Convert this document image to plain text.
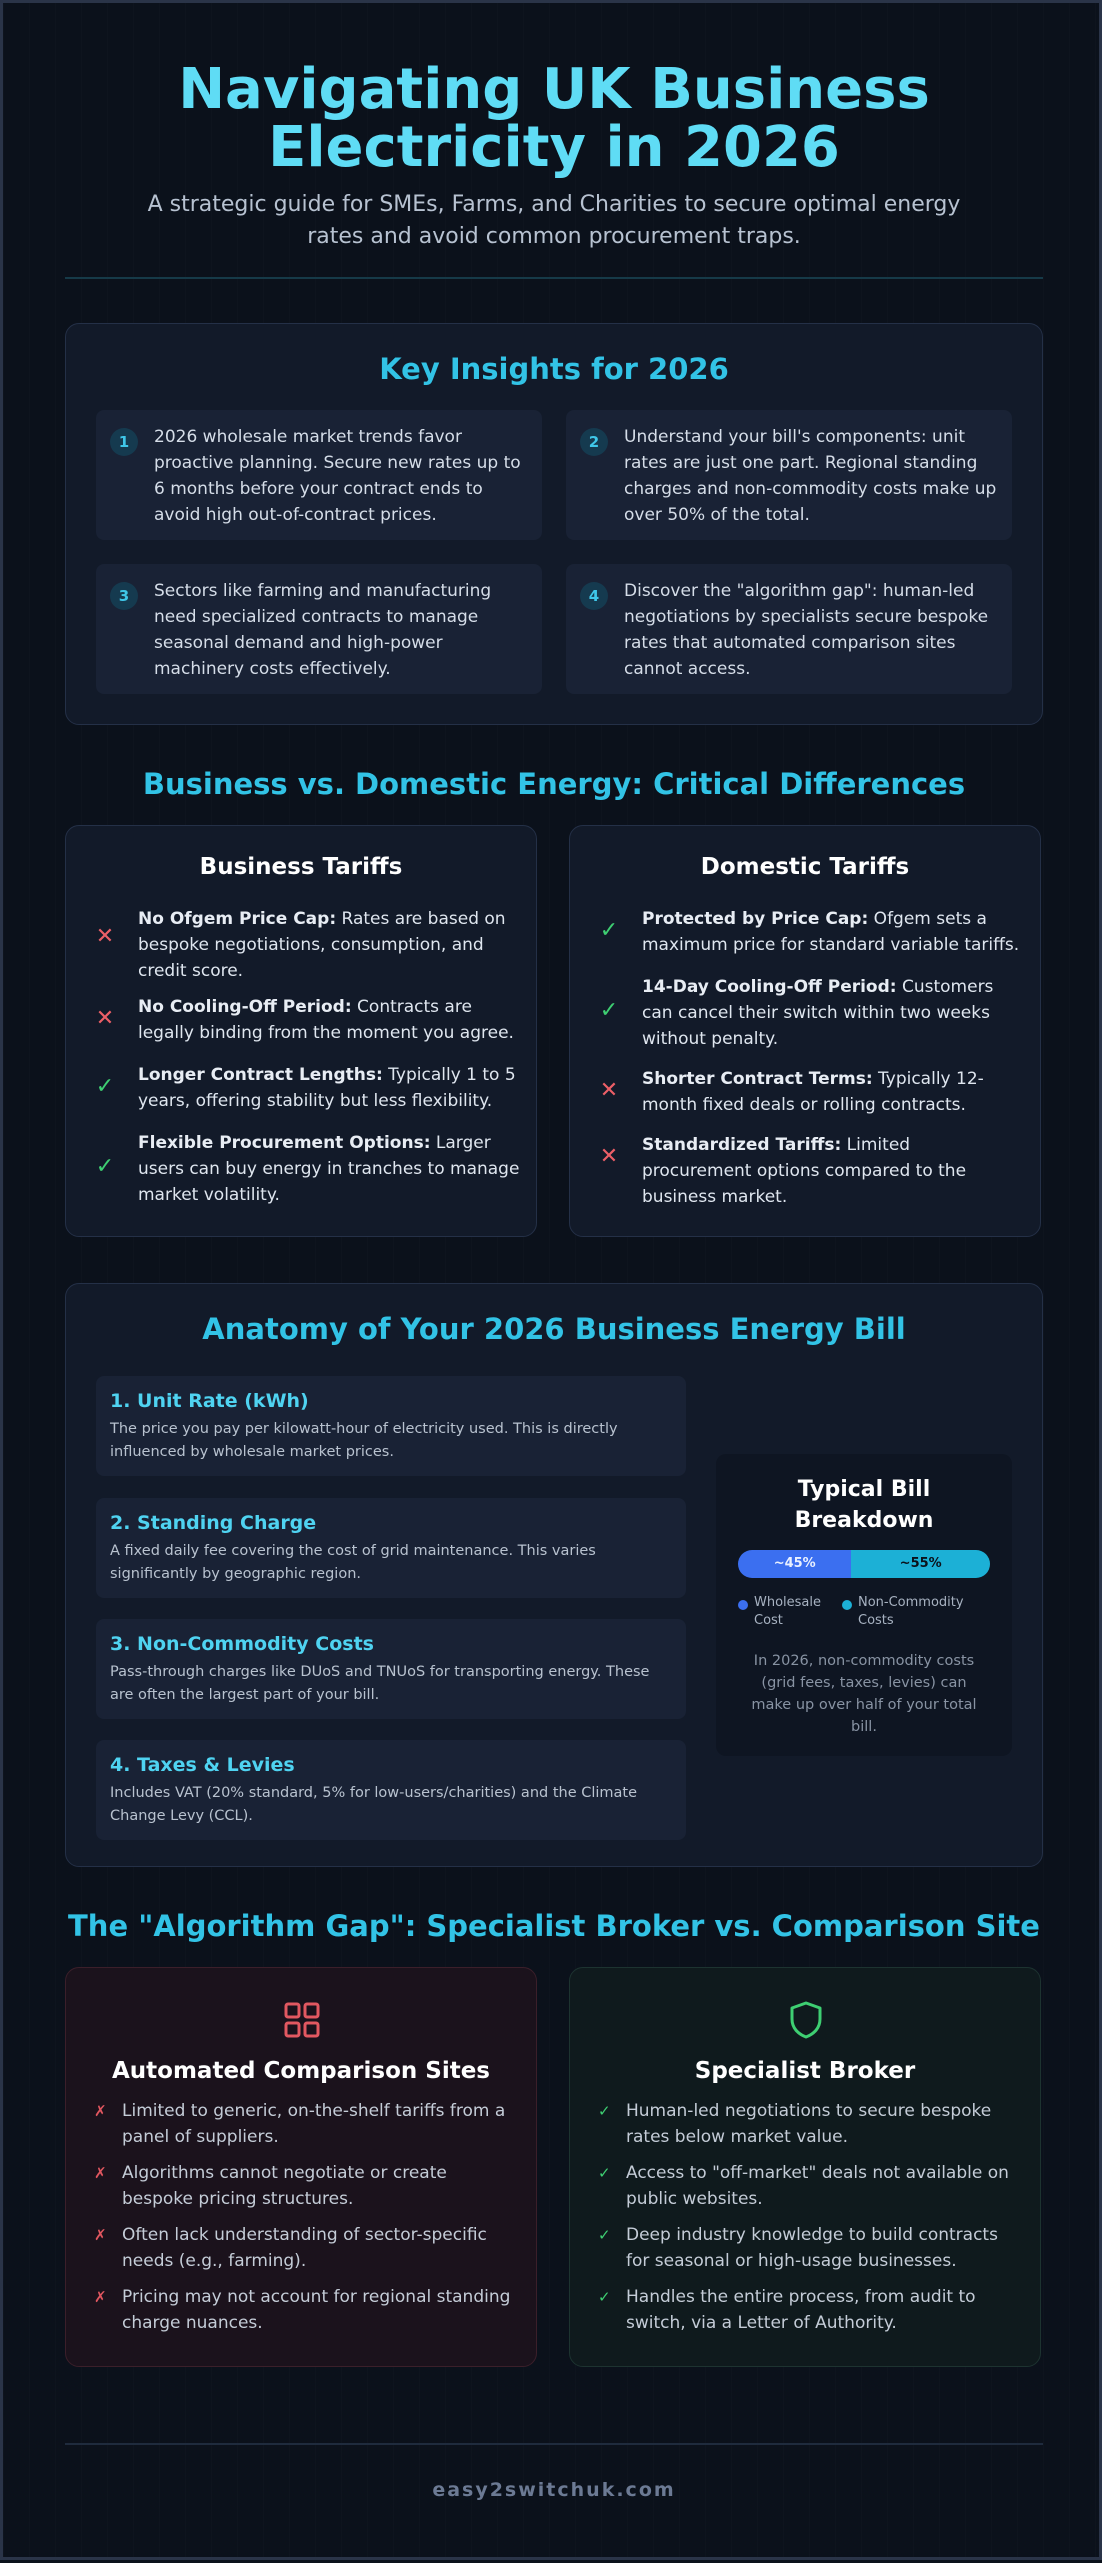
Navigating UK Business
Electricity in 2026
A strategic guide for SMEs, Farms, and Charities to secure optimal energy rates and avoid common procurement traps.
Key Insights for 2026
1	2026 wholesale market trends favor proactive planning. Secure new rates up to 6 months before your contract ends to avoid high out-of-contract prices.
2	Understand your bill's components: unit rates are just one part. Regional standing charges and non-commodity costs make up over 50% of the total.
3	Sectors like farming and manufacturing need specialized contracts to manage seasonal demand and high-power machinery costs effectively.
4	Discover the "algorithm gap": human-led negotiations by specialists secure bespoke rates that automated comparison sites cannot access.
Business vs. Domestic Energy: Critical Differences
Business Tariffs
✕
No Ofgem Price Cap: Rates are based on bespoke negotiations, consumption, and credit score.
✕ No Cooling-Off Period: Contracts are legally binding from the moment you agree.
✓ Longer Contract Lengths: Typically 1 to 5 years, offering stability but less flexibility.
✓
Flexible Procurement Options: Larger users can buy energy in tranches to manage market volatility.
Domestic Tariffs
✓ Protected by Price Cap: Ofgem sets a maximum price for standard variable tariffs.
✓
14-Day Cooling-Off Period: Customers can cancel their switch within two weeks without penalty.
✕ Shorter Contract Terms: Typically 12-month fixed deals or rolling contracts.
✕ Standardized Tariffs: Limited procurement options compared to the business market.
Anatomy of Your 2026 Business Energy Bill
1. Unit Rate (kWh)
The price you pay per kilowatt-hour of electricity used. This is directly influenced by wholesale market prices.
2. Standing Charge
A fixed daily fee covering the cost of grid maintenance. This varies significantly by geographic region.
3. Non-Commodity Costs
Pass-through charges like DUoS and TNUoS for transporting energy. These are often the largest part of your bill.
4. Taxes & Levies
Includes VAT (20% standard, 5% for low-users/charities) and the Climate Change Levy (CCL).
Typical Bill
Breakdown
~45%	~55%
Wholesale Cost
Non-Commodity Costs
In 2026, non-commodity costs (grid fees, taxes, levies) can make up over half of your total bill.
The "Algorithm Gap": Specialist Broker vs. Comparison Site
Automated Comparison Sites
✗ Limited to generic, on-the-shelf tariffs from a panel of suppliers.
✗ Algorithms cannot negotiate or create bespoke pricing structures.
✗ Often lack understanding of sector-specific needs (e.g., farming).
✗ Pricing may not account for regional standing charge nuances.
Specialist Broker
✓ Human-led negotiations to secure bespoke rates below market value.
✓ Access to "off-market" deals not available on public websites.
✓ Deep industry knowledge to build contracts for seasonal or high-usage businesses.
✓ Handles the entire process, from audit to switch, via a Letter of Authority.
easy2switchuk.com
